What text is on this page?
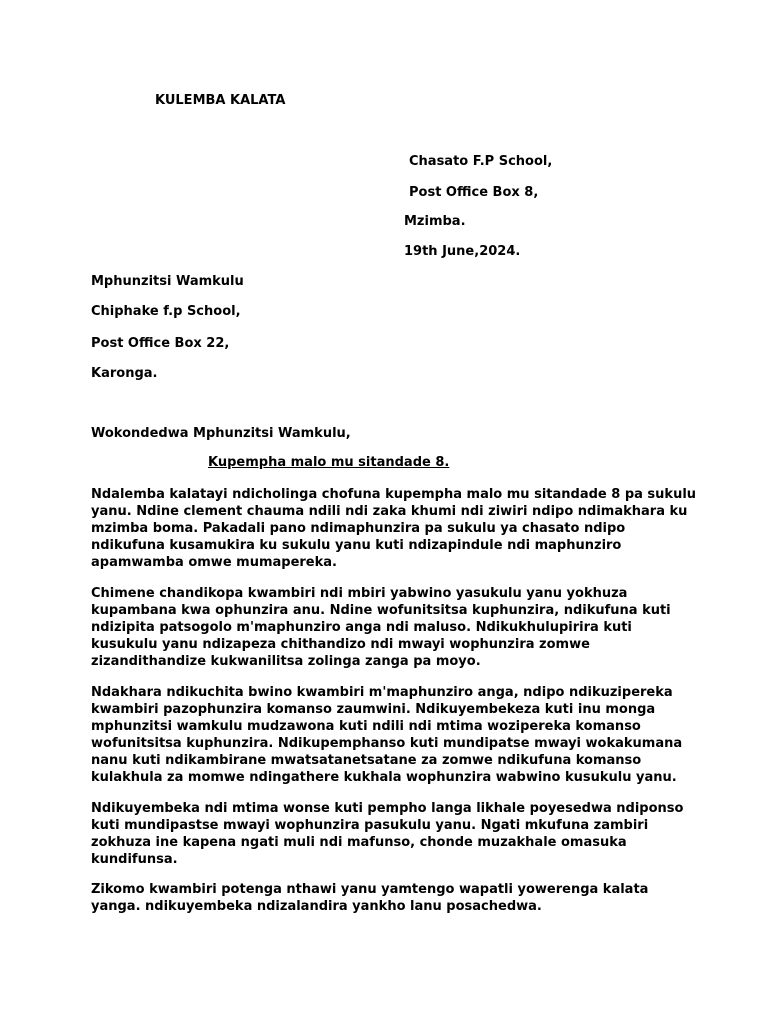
KULEMBA KALATA
Chasato F.P School,
Post Office Box 8,
Mzimba.
19th June,2024.
Mphunzitsi Wamkulu
Chiphake f.p School,
Post Office Box 22,
Karonga.
Wokondedwa Mphunzitsi Wamkulu,
Kupempha malo mu sitandade 8.
Ndalemba kalatayi ndicholinga chofuna kupempha malo mu sitandade 8 pa sukulu
yanu. Ndine clement chauma ndili ndi zaka khumi ndi ziwiri ndipo ndimakhara ku
mzimba boma. Pakadali pano ndimaphunzira pa sukulu ya chasato ndipo
ndikufuna kusamukira ku sukulu yanu kuti ndizapindule ndi maphunziro
apamwamba omwe mumapereka.
Chimene chandikopa kwambiri ndi mbiri yabwino yasukulu yanu yokhuza
kupambana kwa ophunzira anu. Ndine wofunitsitsa kuphunzira, ndikufuna kuti
ndizipita patsogolo m'maphunziro anga ndi maluso. Ndikukhulupirira kuti
kusukulu yanu ndizapeza chithandizo ndi mwayi wophunzira zomwe
zizandithandize kukwanilitsa zolinga zanga pa moyo.
Ndakhara ndikuchita bwino kwambiri m'maphunziro anga, ndipo ndikuzipereka
kwambiri pazophunzira komanso zaumwini. Ndikuyembekeza kuti inu monga
mphunzitsi wamkulu mudzawona kuti ndili ndi mtima wozipereka komanso
wofunitsitsa kuphunzira. Ndikupemphanso kuti mundipatse mwayi wokakumana
nanu kuti ndikambirane mwatsatanetsatane za zomwe ndikufuna komanso
kulakhula za momwe ndingathere kukhala wophunzira wabwino kusukulu yanu.
Ndikuyembeka ndi mtima wonse kuti pempho langa likhale poyesedwa ndiponso
kuti mundipastse mwayi wophunzira pasukulu yanu. Ngati mkufuna zambiri
zokhuza ine kapena ngati muli ndi mafunso, chonde muzakhale omasuka
kundifunsa.
Zikomo kwambiri potenga nthawi yanu yamtengo wapatli yowerenga kalata
yanga. ndikuyembeka ndizalandira yankho lanu posachedwa.
